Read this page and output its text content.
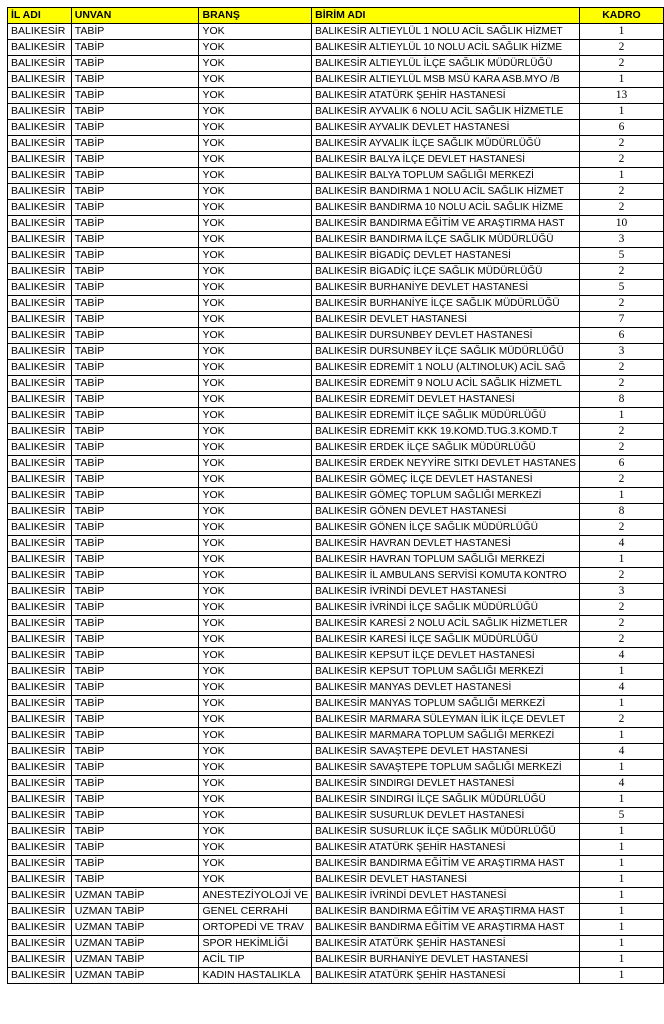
İL ADI	UNVAN	BRANŞ	BİRİM ADI	KADRO
BALIKESİR	TABİP	YOK	BALIKESİR ALTIEYLÜL 1 NOLU ACİL SAĞLIK HİZMET	1
BALIKESİR	TABİP	YOK	BALIKESİR ALTIEYLÜL 10 NOLU ACİL SAĞLIK HİZME	2
BALIKESİR	TABİP	YOK	BALIKESİR ALTIEYLÜL İLÇE SAĞLIK MÜDÜRLÜĞÜ	2
BALIKESİR	TABİP	YOK	BALIKESİR ALTIEYLÜL MSB MSÜ KARA ASB.MYO /B	1
BALIKESİR	TABİP	YOK	BALIKESİR ATATÜRK ŞEHİR HASTANESİ	13
BALIKESİR	TABİP	YOK	BALIKESİR AYVALIK 6 NOLU ACİL SAĞLIK HİZMETLE	1
BALIKESİR	TABİP	YOK	BALIKESİR AYVALIK DEVLET HASTANESİ	6
BALIKESİR	TABİP	YOK	BALIKESİR AYVALIK İLÇE SAĞLIK MÜDÜRLÜĞÜ	2
BALIKESİR	TABİP	YOK	BALIKESİR BALYA İLÇE DEVLET HASTANESİ	2
BALIKESİR	TABİP	YOK	BALIKESİR BALYA TOPLUM SAĞLIĞI MERKEZİ	1
BALIKESİR	TABİP	YOK	BALIKESİR BANDIRMA 1 NOLU ACİL SAĞLIK HİZMET	2
BALIKESİR	TABİP	YOK	BALIKESİR BANDIRMA 10 NOLU ACİL SAĞLIK HİZME	2
BALIKESİR	TABİP	YOK	BALIKESİR BANDIRMA EĞİTİM VE ARAŞTIRMA HAST	10
BALIKESİR	TABİP	YOK	BALIKESİR BANDIRMA İLÇE SAĞLIK MÜDÜRLÜĞÜ	3
BALIKESİR	TABİP	YOK	BALIKESİR BİGADİÇ DEVLET HASTANESİ	5
BALIKESİR	TABİP	YOK	BALIKESİR BİGADİÇ İLÇE SAĞLIK MÜDÜRLÜĞÜ	2
BALIKESİR	TABİP	YOK	BALIKESİR BURHANİYE DEVLET HASTANESİ	5
BALIKESİR	TABİP	YOK	BALIKESİR BURHANİYE İLÇE SAĞLIK MÜDÜRLÜĞÜ	2
BALIKESİR	TABİP	YOK	BALIKESİR DEVLET HASTANESİ	7
BALIKESİR	TABİP	YOK	BALIKESİR DURSUNBEY DEVLET HASTANESİ	6
BALIKESİR	TABİP	YOK	BALIKESİR DURSUNBEY İLÇE SAĞLIK MÜDÜRLÜĞÜ	3
BALIKESİR	TABİP	YOK	BALIKESİR EDREMİT 1 NOLU (ALTINOLUK) ACİL SAĞ	2
BALIKESİR	TABİP	YOK	BALIKESİR EDREMİT 9 NOLU ACİL SAĞLIK HİZMETL	2
BALIKESİR	TABİP	YOK	BALIKESİR EDREMİT DEVLET HASTANESİ	8
BALIKESİR	TABİP	YOK	BALIKESİR EDREMİT İLÇE SAĞLIK MÜDÜRLÜĞÜ	1
BALIKESİR	TABİP	YOK	BALIKESİR EDREMİT KKK 19.KOMD.TUG.3.KOMD.T	2
BALIKESİR	TABİP	YOK	BALIKESİR ERDEK İLÇE SAĞLIK MÜDÜRLÜĞÜ	2
BALIKESİR	TABİP	YOK	BALIKESİR ERDEK NEYYİRE SITKI DEVLET HASTANES	6
BALIKESİR	TABİP	YOK	BALIKESİR GÖMEÇ İLÇE DEVLET HASTANESİ	2
BALIKESİR	TABİP	YOK	BALIKESİR GÖMEÇ TOPLUM SAĞLIĞI MERKEZİ	1
BALIKESİR	TABİP	YOK	BALIKESİR GÖNEN DEVLET HASTANESİ	8
BALIKESİR	TABİP	YOK	BALIKESİR GÖNEN İLÇE SAĞLIK MÜDÜRLÜĞÜ	2
BALIKESİR	TABİP	YOK	BALIKESİR HAVRAN DEVLET HASTANESİ	4
BALIKESİR	TABİP	YOK	BALIKESİR HAVRAN TOPLUM SAĞLIĞI MERKEZİ	1
BALIKESİR	TABİP	YOK	BALIKESİR İL AMBULANS SERVİSİ KOMUTA KONTRO	2
BALIKESİR	TABİP	YOK	BALIKESİR İVRİNDİ DEVLET HASTANESİ	3
BALIKESİR	TABİP	YOK	BALIKESİR İVRİNDİ İLÇE SAĞLIK MÜDÜRLÜĞÜ	2
BALIKESİR	TABİP	YOK	BALIKESİR KARESİ 2 NOLU ACİL SAĞLIK HİZMETLER	2
BALIKESİR	TABİP	YOK	BALIKESİR KARESİ İLÇE SAĞLIK MÜDÜRLÜĞÜ	2
BALIKESİR	TABİP	YOK	BALIKESİR KEPSUT İLÇE DEVLET HASTANESİ	4
BALIKESİR	TABİP	YOK	BALIKESİR KEPSUT TOPLUM SAĞLIĞI MERKEZİ	1
BALIKESİR	TABİP	YOK	BALIKESİR MANYAS DEVLET HASTANESİ	4
BALIKESİR	TABİP	YOK	BALIKESİR MANYAS TOPLUM SAĞLIĞI MERKEZİ	1
BALIKESİR	TABİP	YOK	BALIKESİR MARMARA SÜLEYMAN İLİK İLÇE DEVLET	2
BALIKESİR	TABİP	YOK	BALIKESİR MARMARA TOPLUM SAĞLIĞI MERKEZİ	1
BALIKESİR	TABİP	YOK	BALIKESİR SAVAŞTEPE DEVLET HASTANESİ	4
BALIKESİR	TABİP	YOK	BALIKESİR SAVAŞTEPE TOPLUM SAĞLIĞI MERKEZİ	1
BALIKESİR	TABİP	YOK	BALIKESİR SINDIRGI DEVLET HASTANESİ	4
BALIKESİR	TABİP	YOK	BALIKESİR SINDIRGI İLÇE SAĞLIK MÜDÜRLÜĞÜ	1
BALIKESİR	TABİP	YOK	BALIKESİR SUSURLUK DEVLET HASTANESİ	5
BALIKESİR	TABİP	YOK	BALIKESİR SUSURLUK İLÇE SAĞLIK MÜDÜRLÜĞÜ	1
BALIKESİR	TABİP	YOK	BALIKESİR ATATÜRK ŞEHİR HASTANESİ	1
BALIKESİR	TABİP	YOK	BALIKESİR BANDIRMA EĞİTİM VE ARAŞTIRMA HAST	1
BALIKESİR	TABİP	YOK	BALIKESİR DEVLET HASTANESİ	1
BALIKESİR	UZMAN TABİP	ANESTEZİYOLOJİ VE	BALIKESİR İVRİNDİ DEVLET HASTANESİ	1
BALIKESİR	UZMAN TABİP	GENEL CERRAHİ	BALIKESİR BANDIRMA EĞİTİM VE ARAŞTIRMA HAST	1
BALIKESİR	UZMAN TABİP	ORTOPEDİ VE TRAV	BALIKESİR BANDIRMA EĞİTİM VE ARAŞTIRMA HAST	1
BALIKESİR	UZMAN TABİP	SPOR HEKİMLİĞİ	BALIKESİR ATATÜRK ŞEHİR HASTANESİ	1
BALIKESİR	UZMAN TABİP	ACİL TIP	BALIKESİR BURHANİYE DEVLET HASTANESİ	1
BALIKESİR	UZMAN TABİP	KADIN HASTALIKLA	BALIKESİR ATATÜRK ŞEHİR HASTANESİ	1
